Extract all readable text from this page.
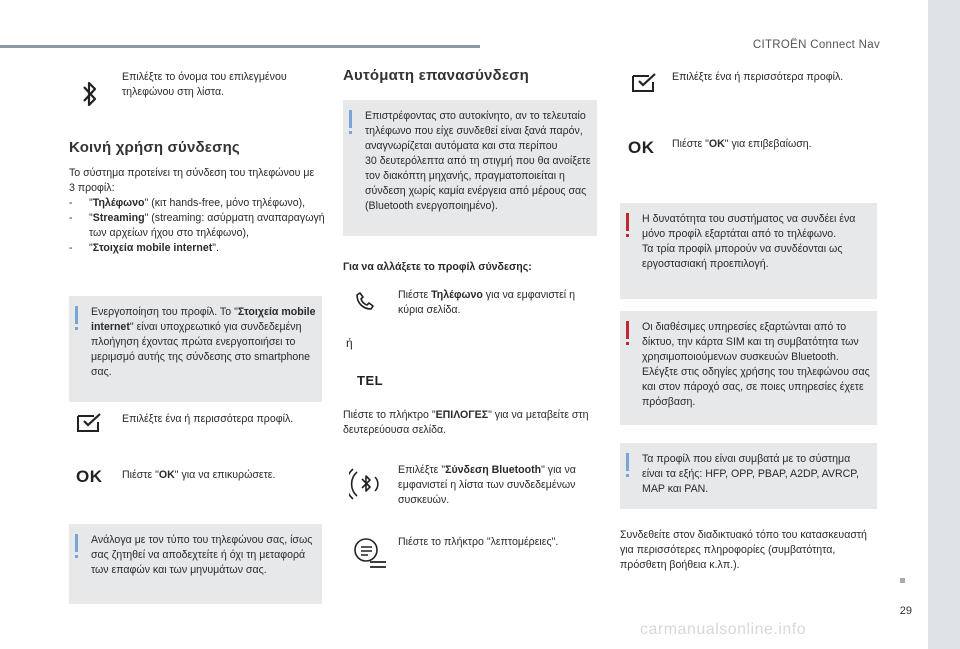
CITROËN Connect Nav
29

Επιλέξτε το όνομα του επιλεγμένου

τηλεφώνου στη λίστα.

Κοινή χρήση σύνδεσης

Το σύστημα προτείνει τη σύνδεση του τηλεφώνου με

3 προφίλ:

-	"Τηλέφωνο" (κιτ hands-free, μόνο τηλέφωνο),
-	"Streaming" (streaming: ασύρματη αναπαραγωγή
των αρχείων ήχου στο τηλέφωνο),
-	"Στοιχεία mobile internet".

Ενεργοποίηση του προφίλ. Το "Στοιχεία mobile

internet" είναι υποχρεωτικό για συνδεδεμένη

πλοήγηση έχοντας πρώτα ενεργοποιήσει το

μεριμσμό αυτής της σύνδεσης στο smartphone

σας.

Επιλέξτε ένα ή περισσότερα προφίλ.
OK Πιέστε "OK" για να επικυρώσετε.

Ανάλογα με τον τύπο του τηλεφώνου σας, ίσως

σας ζητηθεί να αποδεχτείτε ή όχι τη μεταφορά

των επαφών και των μηνυμάτων σας.

Αυτόματη επανασύνδεση

Επιστρέφοντας στο αυτοκίνητο, αν το τελευταίο

τηλέφωνο που είχε συνδεθεί είναι ξανά παρόν,

αναγνωρίζεται αυτόματα και στα περίπου

30 δευτερόλεπτα από τη στιγμή που θα ανοίξετε

τον διακόπτη μηχανής, πραγματοποιείται η

σύνδεση χωρίς καμία ενέργεια από μέρους σας

(Bluetooth ενεργοποιημένο).

Για να αλλάξετε το προφίλ σύνδεσης:

Πιέστε Τηλέφωνο για να εμφανιστεί η

κύρια σελίδα.

ή
TEL

Πιέστε το πλήκτρο "ΕΠΙΛΟΓΕΣ" για να μεταβείτε στη

δευτερεύουσα σελίδα.

Επιλέξτε "Σύνδεση Bluetooth" για να

εμφανιστεί η λίστα των συνδεδεμένων

συσκευών.

Πιέστε το πλήκτρο "λεπτομέρειες".
Επιλέξτε ένα ή περισσότερα προφίλ.
OK Πιέστε "OK" για επιβεβαίωση.

Η δυνατότητα του συστήματος να συνδέει ένα

μόνο προφίλ εξαρτάται από το τηλέφωνο.

Τα τρία προφίλ μπορούν να συνδέονται ως

εργοστασιακή προεπιλογή.

Οι διαθέσιμες υπηρεσίες εξαρτώνται από το

δίκτυο, την κάρτα SIM και τη συμβατότητα των

χρησιμοποιούμενων συσκευών Bluetooth.

Ελέγξτε στις οδηγίες χρήσης του τηλεφώνου σας

και στον πάροχό σας, σε ποιες υπηρεσίες έχετε

πρόσβαση.

Τα προφίλ που είναι συμβατά με το σύστημα

είναι τα εξής: HFP, OPP, PBAP, A2DP, AVRCP,

MAP και PAN.

Συνδεθείτε στον διαδικτυακό τόπο του κατασκευαστή

για περισσότερες πληροφορίες (συμβατότητα,

πρόσθετη βοήθεια κ.λπ.).

carmanualsonline.info
